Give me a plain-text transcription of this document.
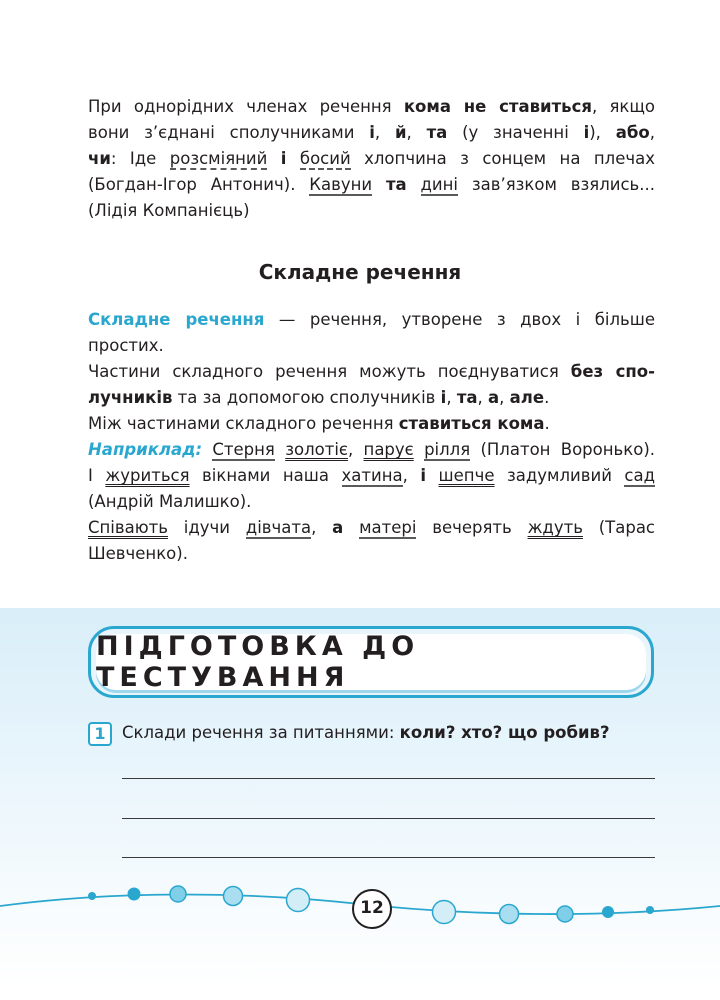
При однорідних членах речення кома не ставиться, якщо

вони з’єднані сполучниками і, й, та (у значенні і), або,

чи: Іде розсміяний і босий хлопчина з сонцем на плечах

(Богдан-Ігор Антонич). Кавуни та дині зав’язком взялись...

(Лідія Компанієць)

Складне речення

Складне речення — речення, утворене з двох і більше

простих.

Частини складного речення можуть поєднуватися без спо-

лучників та за допомогою сполучників і, та, а, але.

Між частинами складного речення ставиться кома.

Наприклад: Стерня золотіє, парує рілля (Платон Воронько).

І журиться вікнами наша хатина, і шепче задумливий сад

(Андрій Малишко).

Співають ідучи дівчата, а матері вечерять ждуть (Тарас

Шевченко).

ПІДГОТОВКА ДО ТЕСТУВАННЯ
1 Склади речення за питаннями: коли? хто? що робив?
12
